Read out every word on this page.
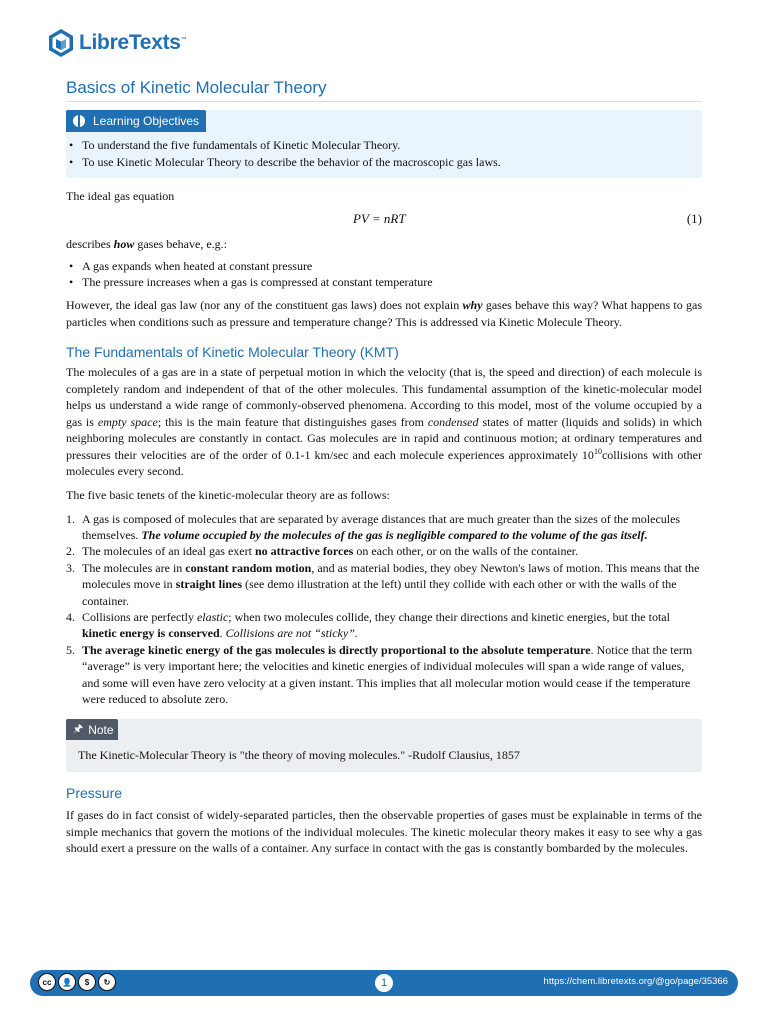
LibreTexts™
Basics of Kinetic Molecular Theory
Learning Objectives
• To understand the five fundamentals of Kinetic Molecular Theory.
• To use Kinetic Molecular Theory to describe the behavior of the macroscopic gas laws.

The ideal gas equation

PV = nRT	(1)

describes how gases behave, e.g.:

• A gas expands when heated at constant pressure
• The pressure increases when a gas is compressed at constant temperature

However, the ideal gas law (nor any of the constituent gas laws) does not explain why gases behave this way? What happens to gas particles when conditions such as pressure and temperature change? This is addressed via Kinetic Molecule Theory.

The Fundamentals of Kinetic Molecular Theory (KMT)

The molecules of a gas are in a state of perpetual motion in which the velocity (that is, the speed and direction) of each molecule is completely random and independent of that of the other molecules. This fundamental assumption of the kinetic-molecular model helps us understand a wide range of commonly-observed phenomena. According to this model, most of the volume occupied by a gas is empty space; this is the main feature that distinguishes gases from condensed states of matter (liquids and solids) in which neighboring molecules are constantly in contact. Gas molecules are in rapid and continuous motion; at ordinary temperatures and pressures their velocities are of the order of 0.1-1 km/sec and each molecule experiences approximately $10^{10}collisions$ with other molecules every second.

The five basic tenets of the kinetic-molecular theory are as follows:

1. A gas is composed of molecules that are separated by average distances that are much greater than the sizes of the molecules themselves. The volume occupied by the molecules of the gas is negligible compared to the volume of the gas itself.
2. The molecules of an ideal gas exert no attractive forces on each other, or on the walls of the container.
3. The molecules are in constant random motion, and as material bodies, they obey Newton's laws of motion. This means that the molecules move in straight lines (see demo illustration at the left) until they collide with each other or with the walls of the container.
4. Collisions are perfectly elastic; when two molecules collide, they change their directions and kinetic energies, but the total kinetic energy is conserved. Collisions are not “sticky”.
5. The average kinetic energy of the gas molecules is directly proportional to the absolute temperature. Notice that the term “average” is very important here; the velocities and kinetic energies of individual molecules will span a wide range of values, and some will even have zero velocity at a given instant. This implies that all molecular motion would cease if the temperature were reduced to absolute zero.
🖈 Note
The Kinetic-Molecular Theory is "the theory of moving molecules." -Rudolf Clausius, 1857
Pressure

If gases do in fact consist of widely-separated particles, then the observable properties of gases must be explainable in terms of the simple mechanics that govern the motions of the individual molecules. The kinetic molecular theory makes it easy to see why a gas should exert a pressure on the walls of a container. Any surface in contact with the gas is constantly bombarded by the molecules.

cc	👤	$	↻	1	https://chem.libretexts.org/@go/page/35366
